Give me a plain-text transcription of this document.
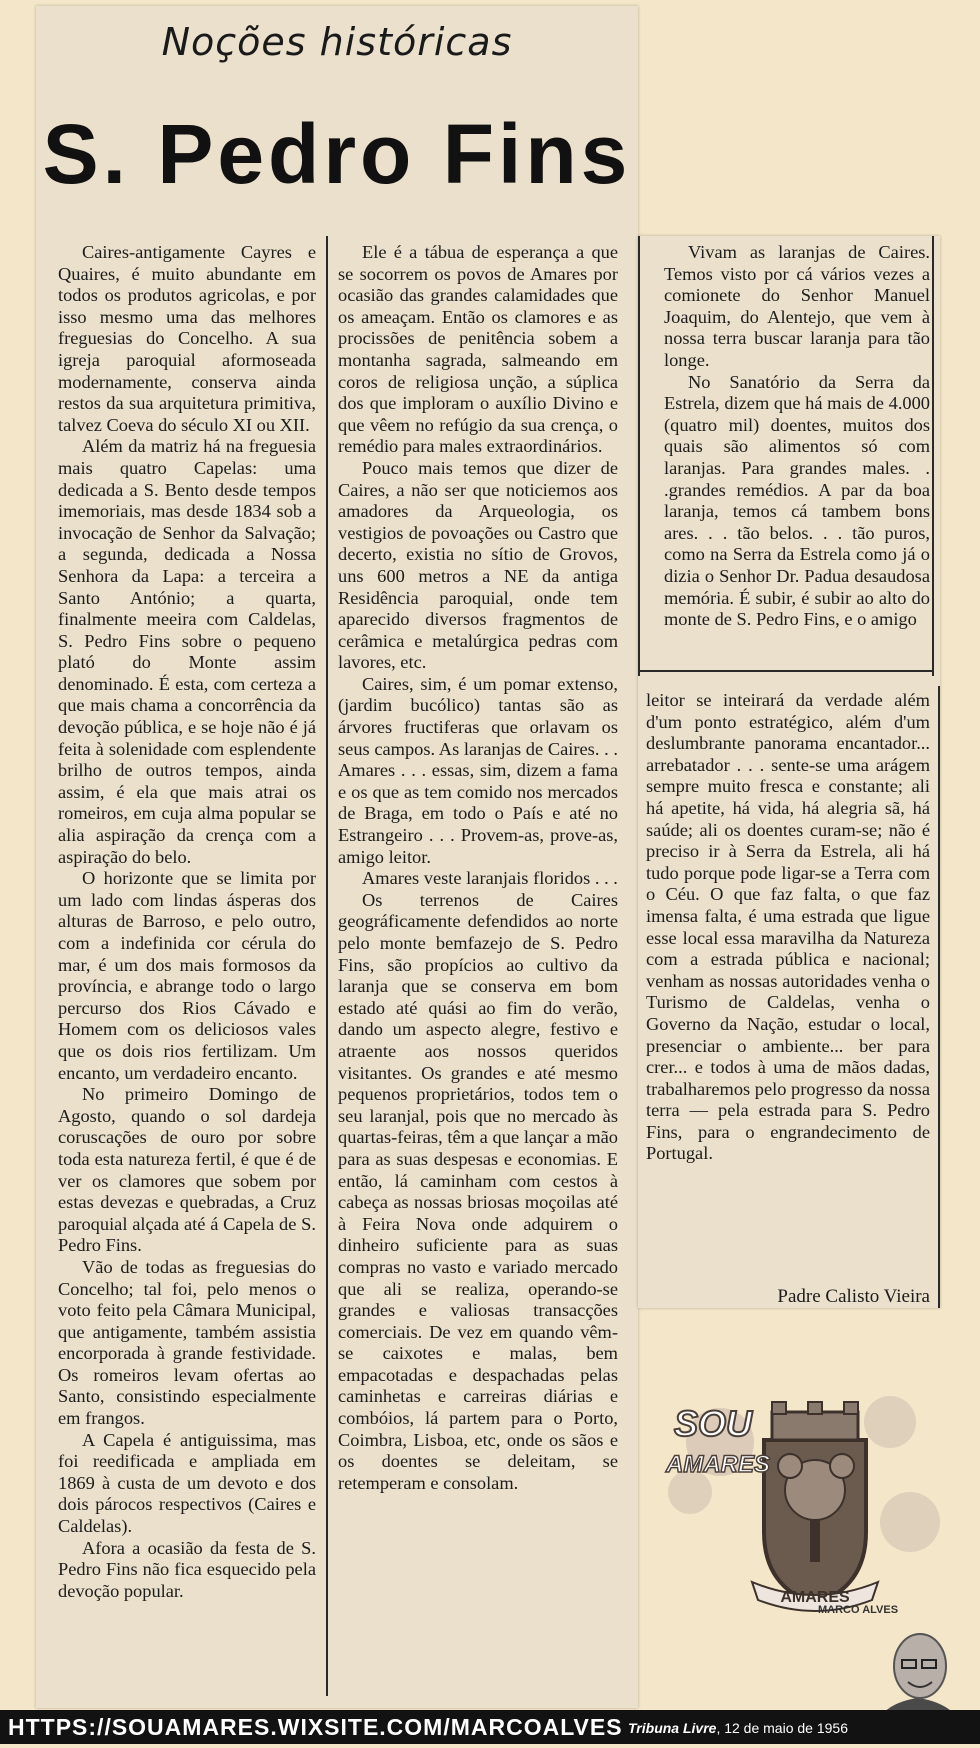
Noções históricas
S. Pedro Fins

Caires-antigamente Cayres e Quaires, é muito abundante em todos os produtos agricolas, e por isso mesmo uma das melhores freguesias do Concelho. A sua igreja paroquial aformoseada modernamente, conserva ainda restos da sua arquitetura primitiva, talvez Coeva do século XI ou XII.

Além da matriz há na freguesia mais quatro Capelas: uma dedicada a S. Bento desde tempos imemoriais, mas desde 1834 sob a invocação de Senhor da Salvação; a segunda, dedicada a Nossa Senhora da Lapa: a terceira a Santo António; a quarta, finalmente meeira com Caldelas, S. Pedro Fins sobre o pequeno plató do Monte assim denominado. É esta, com certeza a que mais chama a concorrência da devoção pública, e se hoje não é já feita à solenidade com esplendente brilho de outros tempos, ainda assim, é ela que mais atrai os romeiros, em cuja alma popular se alia aspiração da crença com a aspiração do belo.

O horizonte que se limita por um lado com lindas ásperas dos alturas de Barroso, e pelo outro, com a indefinida cor cérula do mar, é um dos mais formosos da província, e abrange todo o largo percurso dos Rios Cávado e Homem com os deliciosos vales que os dois rios fertilizam. Um encanto, um verdadeiro encanto.

No primeiro Domingo de Agosto, quando o sol dardeja coruscações de ouro por sobre toda esta natureza fertil, é que é de ver os clamores que sobem por estas devezas e quebradas, a Cruz paroquial alçada até á Capela de S. Pedro Fins.

Vão de todas as freguesias do Concelho; tal foi, pelo menos o voto feito pela Câmara Municipal, que antigamente, também assistia encorporada à grande festividade. Os romeiros levam ofertas ao Santo, consistindo especialmente em frangos.

A Capela é antiguissima, mas foi reedificada e ampliada em 1869 à custa de um devoto e dos dois párocos respectivos (Caires e Caldelas).

Afora a ocasião da festa de S. Pedro Fins não fica esquecido pela devoção popular.

Ele é a tábua de esperança a que se socorrem os povos de Amares por ocasião das grandes calamidades que os ameaçam. Então os clamores e as procissões de penitência sobem a montanha sagrada, salmeando em coros de religiosa unção, a súplica dos que imploram o auxílio Divino e que vêem no refúgio da sua crença, o remédio para males extraordinários.

Pouco mais temos que dizer de Caires, a não ser que noticiemos aos amadores da Arqueologia, os vestigios de povoações ou Castro que decerto, existia no sítio de Grovos, uns 600 metros a NE da antiga Residência paroquial, onde tem aparecido diversos fragmentos de cerâmica e metalúrgica pedras com lavores, etc.

Caires, sim, é um pomar extenso, (jardim bucólico) tantas são as árvores fructiferas que orlavam os seus campos. As laranjas de Caires. . . Amares . . . essas, sim, dizem a fama e os que as tem comido nos mercados de Braga, em todo o País e até no Estrangeiro . . . Provem-as, prove-as, amigo leitor.

Amares veste laranjais floridos . . .

Os terrenos de Caires geográficamente defendidos ao norte pelo monte bemfazejo de S. Pedro Fins, são propícios ao cultivo da laranja que se conserva em bom estado até quási ao fim do verão, dando um aspecto alegre, festivo e atraente aos nossos queridos visitantes. Os grandes e até mesmo pequenos proprietários, todos tem o seu laranjal, pois que no mercado às quartas-feiras, têm a que lançar a mão para as suas despesas e economias. E então, lá caminham com cestos à cabeça as nossas briosas moçoilas até à Feira Nova onde adquirem o dinheiro suficiente para as suas compras no vasto e variado mercado que ali se realiza, operando-se grandes e valiosas transacções comerciais. De vez em quando vêm-se caixotes e malas, bem empacotadas e despachadas pelas caminhetas e carreiras diárias e combóios, lá partem para o Porto, Coimbra, Lisboa, etc, onde os sãos e os doentes se deleitam, se retemperam e consolam.

Vivam as laranjas de Caires. Temos visto por cá vários vezes a comionete do Senhor Manuel Joaquim, do Alentejo, que vem à nossa terra buscar laranja para tão longe.

No Sanatório da Serra da Estrela, dizem que há mais de 4.000 (quatro mil) doentes, muitos dos quais são alimentos só com laranjas. Para grandes males. . .grandes remédios. A par da boa laranja, temos cá tambem bons ares. . . tão belos. . . tão puros, como na Serra da Estrela como já o dizia o Senhor Dr. Padua desaudosa memória. É subir, é subir ao alto do monte de S. Pedro Fins, e o amigo

leitor se inteirará da verdade além d'um ponto estratégico, além d'um deslumbrante panorama encantador... arrebatador . . . sente-se uma arágem sempre muito fresca e constante; ali há apetite, há vida, há alegria sã, há saúde; ali os doentes curam-se; não é preciso ir à Serra da Estrela, ali há tudo porque pode ligar-se a Terra com o Céu. O que faz falta, o que faz imensa falta, é uma estrada que ligue esse local essa maravilha da Natureza com a estrada pública e nacional; venham as nossas autoridades venha o Turismo de Caldelas, venha o Governo da Nação, estudar o local, presenciar o ambiente... ber para crer... e todos à uma de mãos dadas, trabalharemos pelo progresso da nossa terra — pela estrada para S. Pedro Fins, para o engrandecimento de Portugal.

Padre Calisto Vieira
AMARES
SOU
AMARES
MARCO ALVES
HTTPS://SOUAMARES.WIXSITE.COM/MARCOALVES Tribuna Livre, 12 de maio de 1956
